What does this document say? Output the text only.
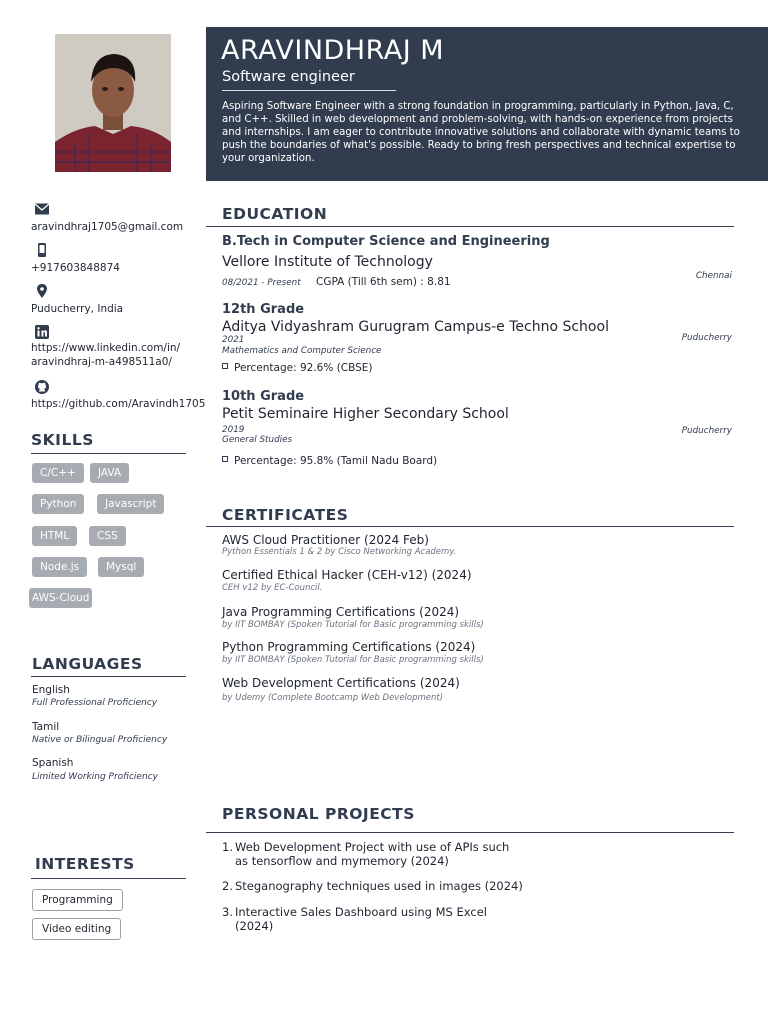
ARAVINDHRAJ M
Software engineer
Aspiring Software Engineer with a strong foundation in programming, particularly in Python, Java, C, and C++. Skilled in web development and problem-solving, with hands-on experience from projects and internships. I am eager to contribute innovative solutions and collaborate with dynamic teams to push the boundaries of what's possible. Ready to bring fresh perspectives and technical expertise to your organization.
aravindhraj1705@gmail.com
+917603848874
Puducherry, India
https://www.linkedin.com/in/
aravindhraj-m-a498511a0/
https://github.com/Aravindh1705
SKILLS
C/C++	JAVA
Python	Javascript
HTML	CSS
Node.js	Mysql
AWS-Cloud
LANGUAGES
English
Full Professional Proficiency
Tamil
Native or Bilingual Proficiency
Spanish
Limited Working Proficiency
INTERESTS
Programming
Video editing
EDUCATION
B.Tech in Computer Science and Engineering
Vellore Institute of Technology
08/2021 - Present CGPA (Till 6th sem) : 8.81	Chennai
12th Grade
Aditya Vidyashram Gurugram Campus-e Techno School
2021
Mathematics and Computer Science
Puducherry
Percentage: 92.6% (CBSE)
10th Grade
Petit Seminaire Higher Secondary School
2019
General Studies
Puducherry
Percentage: 95.8% (Tamil Nadu Board)
CERTIFICATES
AWS Cloud Practitioner (2024 Feb)
Python Essentials 1 & 2 by Cisco Networking Academy.
Certified Ethical Hacker (CEH-v12) (2024)
CEH v12 by EC-Council.
Java Programming Certifications (2024)
by IIT BOMBAY (Spoken Tutorial for Basic programming skills)
Python Programming Certifications (2024)
by IIT BOMBAY (Spoken Tutorial for Basic programming skills)
Web Development Certifications (2024)
by Udemy (Complete Bootcamp Web Development)
PERSONAL PROJECTS
1. Web Development Project with use of APIs such
as tensorflow and mymemory (2024)
2. Steganography techniques used in images (2024)
3. Interactive Sales Dashboard using MS Excel
(2024)
